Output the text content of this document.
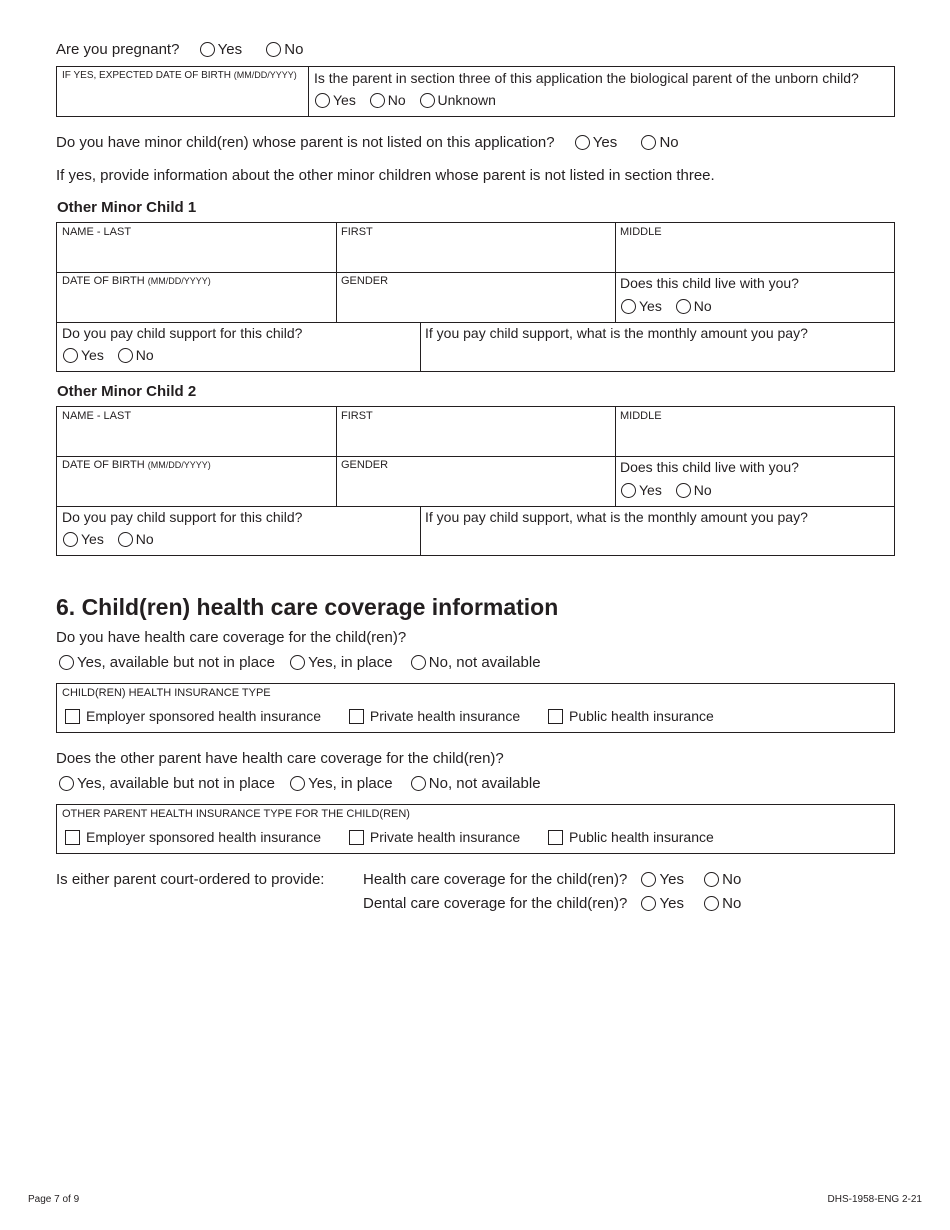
Are you pregnant?	Yes	No
IF YES, EXPECTED DATE OF BIRTH (MM/DD/YYYY) Is the parent in section three of this application the biological parent of the unborn child?
Yes No Unknown
Do you have minor child(ren) whose parent is not listed on this application?	Yes	No
If yes, provide information about the other minor children whose parent is not listed in section three.
Other Minor Child 1
NAME - LAST	FIRST	MIDDLE
DATE OF BIRTH (MM/DD/YYYY)	GENDER	Does this child live with you?
Yes No
Do you pay child support for this child?
Yes No
If you pay child support, what is the monthly amount you pay?
Other Minor Child 2
NAME - LAST	FIRST	MIDDLE
DATE OF BIRTH (MM/DD/YYYY)	GENDER	Does this child live with you?
Yes No
Do you pay child support for this child?
Yes No
If you pay child support, what is the monthly amount you pay?
6. Child(ren) health care coverage information
Do you have health care coverage for the child(ren)?
Yes, available but not in place Yes, in place No, not available
CHILD(REN) HEALTH INSURANCE TYPE
Employer sponsored health insurance	Private health insurance	Public health insurance
Does the other parent have health care coverage for the child(ren)?
Yes, available but not in place Yes, in place No, not available
OTHER PARENT HEALTH INSURANCE TYPE FOR THE CHILD(REN)
Employer sponsored health insurance	Private health insurance	Public health insurance
Is either parent court-ordered to provide:	Health care coverage for the child(ren)? Yes	No
Dental care coverage for the child(ren)? Yes	No
Page 7 of 9	DHS-1958-ENG 2-21
